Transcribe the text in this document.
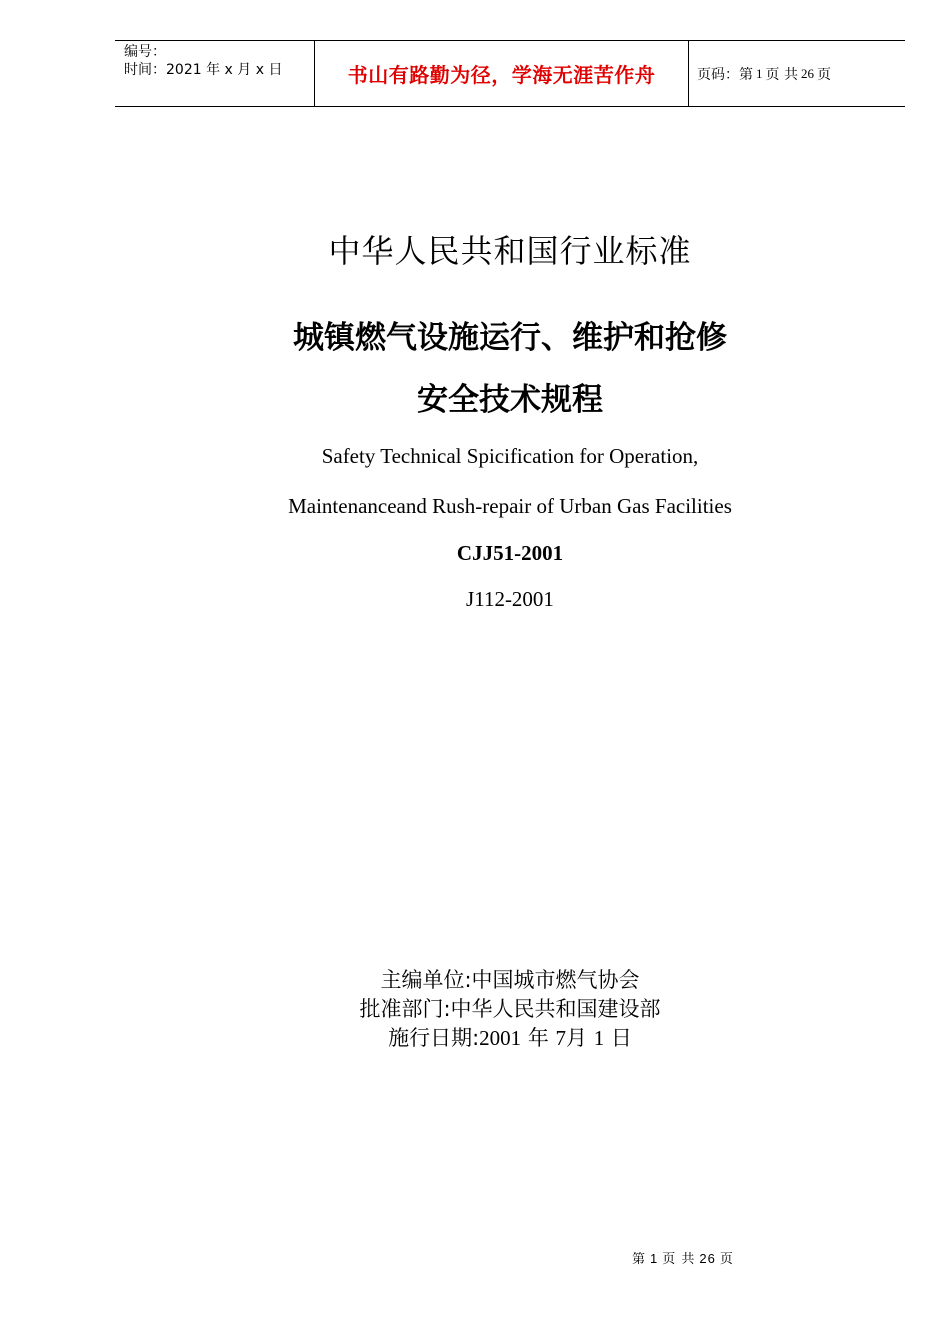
编号：
时间：2021 年 x 月 x 日	书山有路勤为径，学海无涯苦作舟	页码：第 1 页 共 26 页
中华人民共和国行业标准
城镇燃气设施运行、维护和抢修
安全技术规程
Safety Technical Spicification for Operation,
Maintenanceand Rush-repair of Urban Gas Facilities
CJJ51-2001
J112-2001
主编单位:中国城市燃气协会
批准部门:中华人民共和国建设部
施行日期:2001 年 7月 1 日
第 1 页 共 26 页
